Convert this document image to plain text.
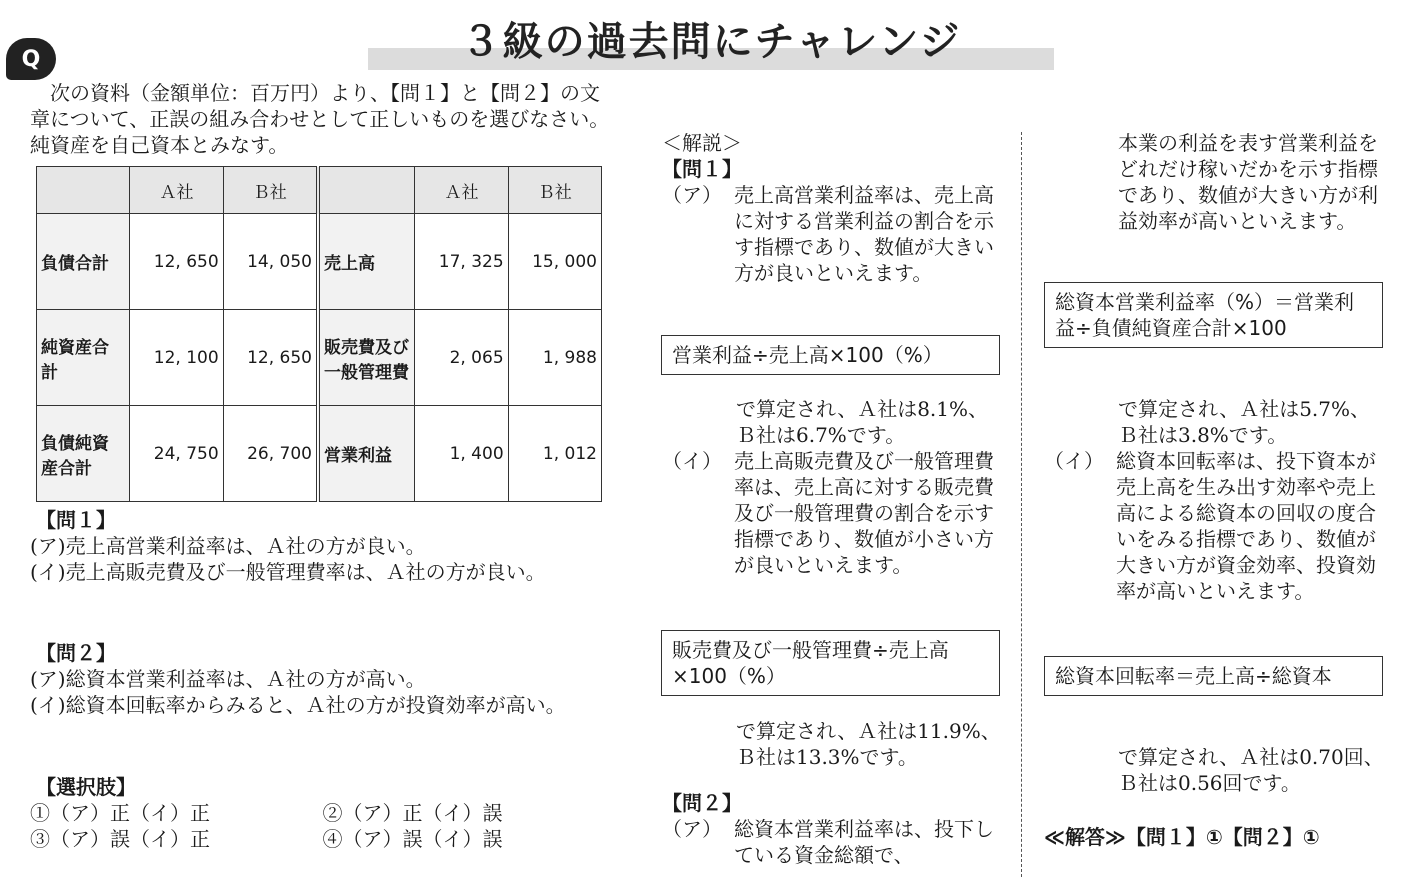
３級の過去問にチャレンジ
Q

次の資料（金額単位：百万円）より、【問１】と【問２】の文章について、正誤の組み合わせとして正しいものを選びなさい。純資産を自己資本とみなす。

	Ａ社	Ｂ社		Ａ社	Ｂ社
負債合計	12, 650	14, 050	売上高	17, 325	15, 000
純資産合計	12, 100	12, 650	販売費及び一般管理費	2, 065	1, 988
負債純資産合計	24, 750	26, 700	営業利益	1, 400	1, 012
【問１】
(ア) 売上高営業利益率は、Ａ社の方が良い。
(イ) 売上高販売費及び一般管理費率は、Ａ社の方が良い。
【問２】
(ア) 総資本営業利益率は、Ａ社の方が高い。
(イ) 総資本回転率からみると、Ａ社の方が投資効率が高い。
【選択肢】
①（ア）正（イ）正	②（ア）正（イ）誤
③（ア）誤（イ）正	④（ア）誤（イ）誤
＜解説＞
【問１】
（ア） 売上高営業利益率は、売上高に対する営業利益の割合を示す指標であり、数値が大きい方が良いといえます。
営業利益÷売上高×100（%）
で算定され、Ａ社は8.1%、Ｂ社は6.7%です。
（イ） 売上高販売費及び一般管理費率は、売上高に対する販売費及び一般管理費の割合を示す指標であり、数値が小さい方が良いといえます。
販売費及び一般管理費÷売上高×100（%）
で算定され、Ａ社は11.9%、Ｂ社は13.3%です。
【問２】
（ア） 総資本営業利益率は、投下している資金総額で、
本業の利益を表す営業利益をどれだけ稼いだかを示す指標であり、数値が大きい方が利益効率が高いといえます。
総資本営業利益率（%）＝営業利益÷負債純資産合計×100
で算定され、Ａ社は5.7%、Ｂ社は3.8%です。
（イ） 総資本回転率は、投下資本が売上高を生み出す効率や売上高による総資本の回収の度合いをみる指標であり、数値が大きい方が資金効率、投資効率が高いといえます。
総資本回転率＝売上高÷総資本
で算定され、Ａ社は0.70回、Ｂ社は0.56回です。
≪解答≫【問１】①【問２】①
